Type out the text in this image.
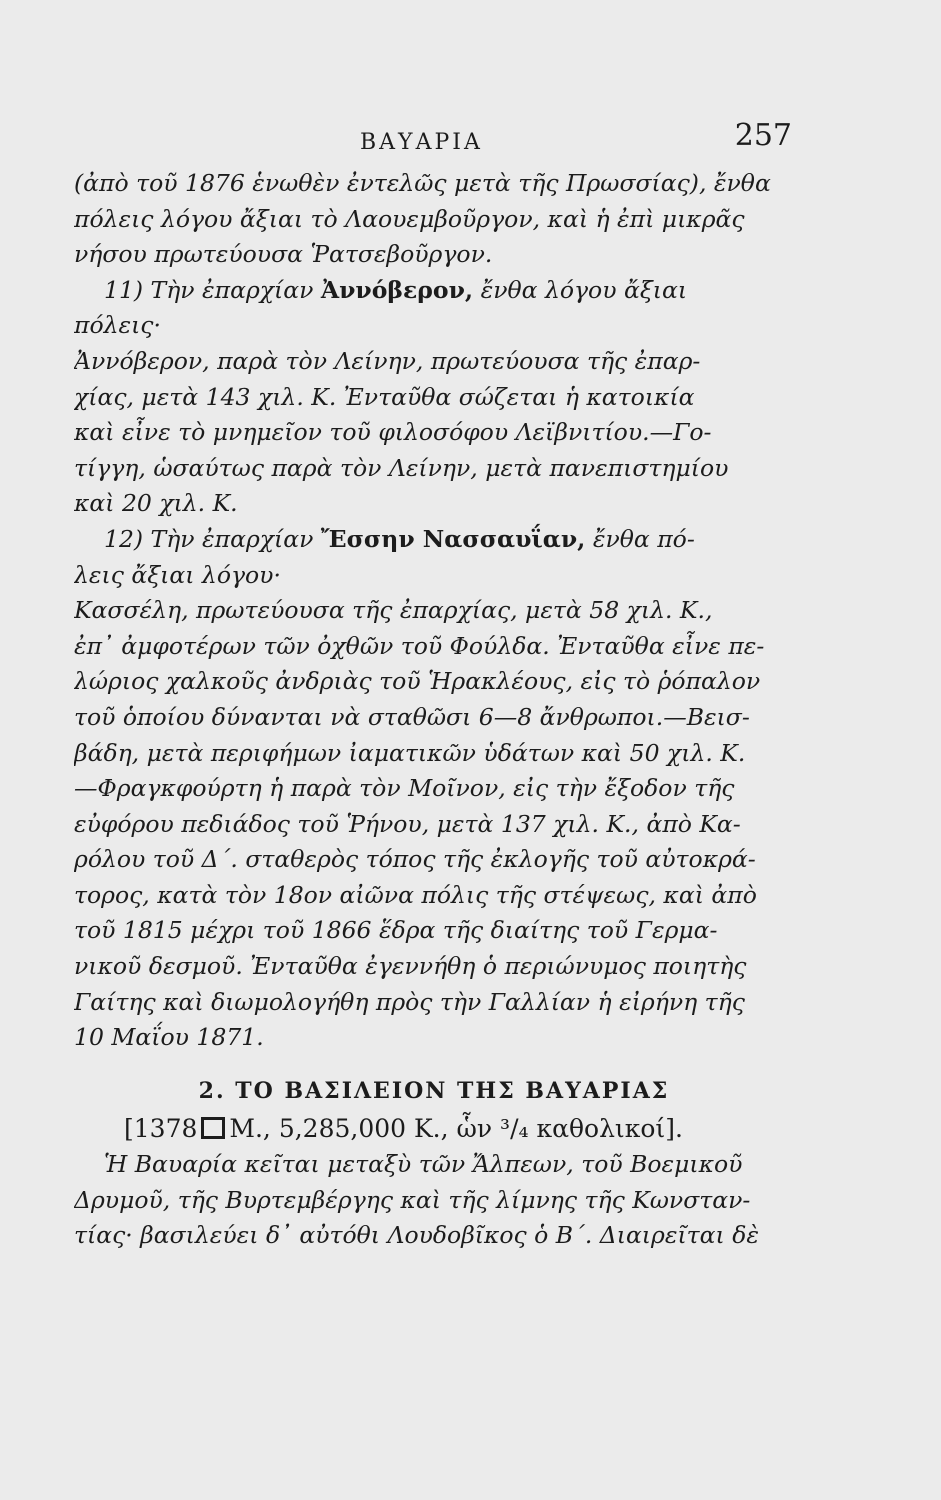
ΒΑΥΑΡΙΑ	257
(ἀπὸ τοῦ 1876 ἑνωθὲν ἐντελῶς μετὰ τῆς Πρωσσίας), ἔνθα
πόλεις λόγου ἄξιαι τὸ Λαουεμβοῦργον, καὶ ἡ ἐπὶ μικρᾶς
νήσου πρωτεύουσα Ῥατσεβοῦργον.
11) Τὴν ἐπαρχίαν Ἀννόβερον, ἔνθα λόγου ἄξιαι
πόλεις·
Ἀννόβερον, παρὰ τὸν Λείνην, πρωτεύουσα τῆς ἐπαρ-
χίας, μετὰ 143 χιλ. Κ. Ἐνταῦθα σώζεται ἡ κατοικία
καὶ εἶνε τὸ μνημεῖον τοῦ φιλοσόφου Λεϊβνιτίου.—Γο-
τίγγη, ὡσαύτως παρὰ τὸν Λείνην, μετὰ πανεπιστημίου
καὶ 20 χιλ. Κ.
12) Τὴν ἐπαρχίαν Ἔσσην Νασσαυΐαν, ἔνθα πό-
λεις ἄξιαι λόγου·
Κασσέλη, πρωτεύουσα τῆς ἐπαρχίας, μετὰ 58 χιλ. Κ.,
ἐπ᾽ ἀμφοτέρων τῶν ὀχθῶν τοῦ Φούλδα. Ἐνταῦθα εἶνε πε-
λώριος χαλκοῦς ἀνδριὰς τοῦ Ἡρακλέους, εἰς τὸ ῥόπαλον
τοῦ ὁποίου δύνανται νὰ σταθῶσι 6—8 ἄνθρωποι.—Βεισ-
βάδη, μετὰ περιφήμων ἰαματικῶν ὑδάτων καὶ 50 χιλ. Κ.
—Φραγκφούρτη ἡ παρὰ τὸν Μοῖνον, εἰς τὴν ἔξοδον τῆς
εὐφόρου πεδιάδος τοῦ Ῥήνου, μετὰ 137 χιλ. Κ., ἀπὸ Κα-
ρόλου τοῦ Δ΄. σταθερὸς τόπος τῆς ἐκλογῆς τοῦ αὐτοκρά-
τορος, κατὰ τὸν 18ον αἰῶνα πόλις τῆς στέψεως, καὶ ἀπὸ
τοῦ 1815 μέχρι τοῦ 1866 ἕδρα τῆς διαίτης τοῦ Γερμα-
νικοῦ δεσμοῦ. Ἐνταῦθα ἐγεννήθη ὁ περιώνυμος ποιητὴς
Γαίτης καὶ διωμολογήθη πρὸς τὴν Γαλλίαν ἡ εἰρήνη τῆς
10 Μαΐου 1871.
2. ΤΟ ΒΑΣΙΛΕΙΟΝ ΤΗΣ ΒΑΥΑΡΙΑΣ
[1378 Μ., 5,285,000 Κ., ὧν ³/₄ καθολικοί].
Ἡ Βαυαρία κεῖται μεταξὺ τῶν Ἄλπεων, τοῦ Βοεμικοῦ
Δρυμοῦ, τῆς Βυρτεμβέργης καὶ τῆς λίμνης τῆς Κωνσταν-
τίας· βασιλεύει δ᾽ αὐτόθι Λουδοβῖκος ὁ Β΄. Διαιρεῖται δὲ
